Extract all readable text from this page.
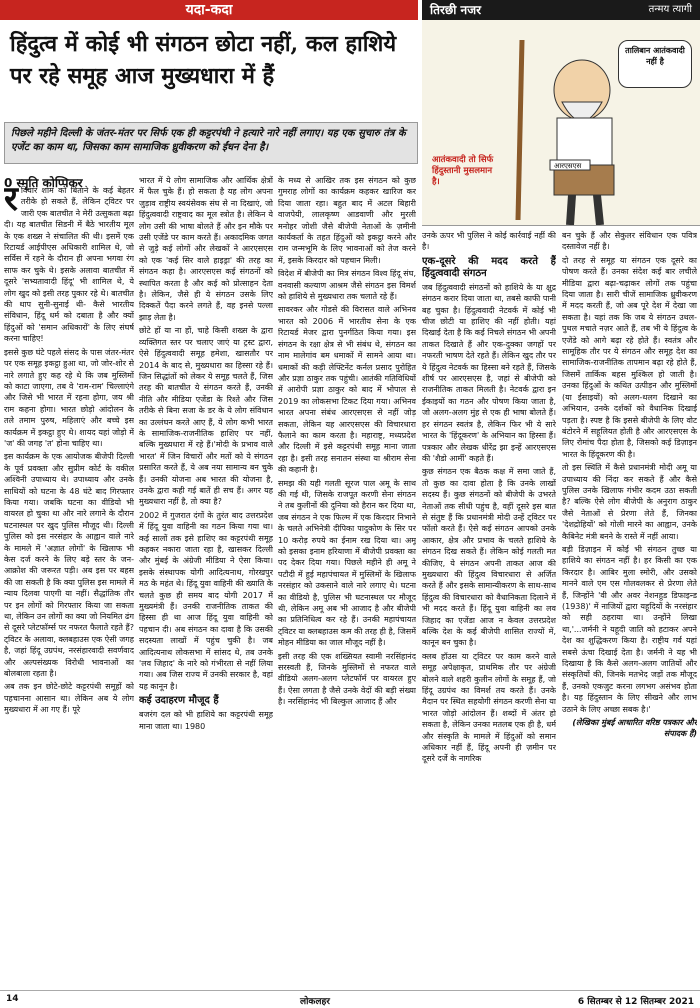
यदा-कदा	तिरछी नजर	तन्मय त्यागी
आरएसएस
तालिबान आतंकवादी नहीं है
आतंकवादी तो सिर्फ हिंदुस्तानी मुसलमान है।
हिंदुत्व में कोई भी संगठन छोटा नहीं, कल हाशिये पर रहे समूह आज मुख्यधारा में हैं
पिछले महीने दिल्ली के जंतर-मंतर पर सिर्फ एक ही कट्टरपंथी ने हत्यारे नारे नहीं लगाए। यह एक सुचारु तंत्र के एजेंट का काम था, जिसका काम सामाजिक ध्रुवीकरण को ईंधन देना है।
0 स्मृति कोप्पिकर

रविवार शाम को बिताने के कई बेहतर तरीके हो सकते हैं, लेकिन ट्विटर पर जारी एक बातचीत ने मेरी उत्सुकता बढ़ा दी। यह बातचीत सिडनी में बैठे भारतीय मूल के एक शख्स ने संचालित की थी। इसमें एक रिटायर्ड आईपीएस अधिकारी शामिल थे, जो सर्विस में रहने के दौरान ही अपना भगवा रंग साफ कर चुके थे। इसके अलावा बातचीत में दूसरे 'सभ्यतावादी हिंदू' भी शामिल थे, ये लोग खुद को इसी तरह पुकार रहे थे। बातचीत की थाप सुनी-सुनाई थी- कैसे भारतीय संविधान, हिंदू धर्म को दबाता है और क्यों हिंदुओं को 'समान अधिकारों' के लिए संघर्ष करना चाहिए!

इससे कुछ घंटे पहले संसद के पास जंतर-मंतर पर एक समूह इकट्ठा हुआ था, जो जोर-शोर से नारे लगाते हुए कह रहे थे कि जब मुस्लिमों को काटा जाएगा, तब वे 'राम-राम' चिल्लाएंगे और जिसे भी भारत में रहना होगा, जय श्री राम कहना होगा। भारत छोड़ो आंदोलन के तले तमाम पुरुष, महिलाएं और बच्चे इस कार्यक्रम में इकट्ठा हुए थे। शायद यहां जोड़ो में 'ज' की जगह 'त' होना चाहिए था।

इस कार्यक्रम के एक आयोजक बीजेपी दिल्ली के पूर्व प्रवक्ता और सुप्रीम कोर्ट के वकील अश्विनी उपाध्याय थे। उपाध्याय और उनके साथियों को घटना के 48 घंटे बाद गिरफ्तार किया गया। जबकि घटना का वीडियो भी वायरल हो चुका था और नारे लगाने के दौरान घटनास्थल पर खुद पुलिस मौजूद थी। दिल्ली पुलिस को इस नरसंहार के आह्वान वाले नारे के मामले में 'अज्ञात लोगों' के खिलाफ भी केस दर्ज करने के लिए बड़े स्तर के जन-आक्रोश की जरूरत पड़ी। अब इस पर बहस की जा सकती है कि क्या पुलिस इस मामले में न्याय दिलवा पाएगी या नहीं। सैद्धांतिक तौर पर इन लोगों को गिरफ्तार किया जा सकता था, लेकिन उन लोगों का क्या जो नियमित ढंग से दूसरे प्लेटफॉर्म्स पर नफरत फैलाते रहते हैं? ट्विटर के अलावा, क्लबहाउस एक ऐसी जगह है, जहां हिंदू उग्रपंथ, नरसंहारवादी सवर्णवाद और अल्पसंख्यक विरोधी भावनाओं का बोलबाला रहता है।

अब तक इन छोटे-छोटे कट्टरपंथी समूहों को पहचानना आसान था। लेकिन अब ये लोग मुख्यधारा में आ गए हैं। पूरे

भारत में ये लोग सामाजिक और आर्थिक क्षेत्रों में फैल चुके हैं। हो सकता है यह लोग अपना जुड़ाव राष्ट्रीय स्वयंसेवक संघ से ना दिखाएं, जो हिंदुत्ववादी राष्ट्रवाद का मूल स्त्रोत है। लेकिन ये लोग उसी की भाषा बोलते हैं और इन मौके पर उसी एजेंडे पर काम करते हैं। अकादमिक जगत से जुड़े कई लोगों और लेखकों ने आरएसएस को एक 'कई सिर वाले हाइड्रा' की तरह का संगठन कहा है। आरएसएस कई संगठनों को स्थापित करता है और कई को प्रोत्साहन देता है। लेकिन, जैसे ही ये संगठन उसके लिए दिक्कतें पैदा करने लगते हैं, वह इनसे पल्ला झाड़ लेता है।

छोटे हों या ना हों, चाहे किसी शख्स के द्वारा व्यक्तिगत स्तर पर चलाए जाएं या ट्रस्ट द्वारा, ऐसे हिंदुत्ववादी समूह हमेशा, खासतौर पर 2014 के बाद से, मुख्यधारा का हिस्सा रहे हैं। जिन सिद्धांतों को लेकर ये समूह चलते हैं, जिस तरह की बातचीत ये संगठन करते हैं, उनकी नीति और मीडिया एजेंडा के रिश्ते और जिस तरीके से बिना सजा के डर के ये लोग संविधान का उल्लंघन करते आए हैं, ये लोग कभी भारत के सामाजिक-राजनीतिक हाशिए पर नहीं, बल्कि मुख्यधारा में रहे हैं।'मोदी के प्रभाव वाले भारत' में जिन विचारों और मतों को ये संगठन प्रसारित करते हैं, ये अब नया सामान्य बन चुके हैं। उनकी योजना अब भारत की योजना है, उनके द्वारा कही गई बातें ही सच हैं। अगर यह मुख्यधारा नहीं है, तो क्या है?

2002 में गुजरात दंगों के तुरंत बाद उत्तरप्रदेश में हिंदू युवा वाहिनी का गठन किया गया था। कई सालों तक इसे हाशिए का कट्टरपंथी समूह कहकर नकारा जाता रहा है, खासकर दिल्ली और मुंबई के अंग्रेजी मीडिया ने ऐसा किया। इसके संस्थापक योगी आदित्यनाथ, गोरखपुर मठ के महंत थे। हिंदू युवा वाहिनी की ख्याति के चलते कुछ ही समय बाद योगी 2017 में मुख्यमंत्री हैं। उनकी राजनीतिक ताकत की हिस्सा ही था आज हिंदू युवा वाहिनी को पहचान दी। अब संगठन का दावा है कि उसकी सदस्यता लाखों में पहुंच चुकी है। जब आदित्यनाथ लोकसभा में सांसद थे, तब उनके 'लव जिहाद' के नारे को गंभीरता से नहीं लिया गया। अब जिस राज्य में उनकी सरकार है, वहां यह कानून है।

कई उदाहरण मौजूद हैं

बजरंग दल को भी हाशिये का कट्टरपंथी समूह माना जाता था। 1980

के मध्य से आखिर तक इस संगठन को कुछ गुमराह लोगों का कार्यक्रम कहकर खारिज कर दिया जाता रहा। बहुत बाद में अटल बिहारी वाजपेयी, लालकृष्ण आडवाणी और मुरली मनोहर जोशी जैसे बीजेपी नेताओं के ज़मीनी कार्यकर्ता के तहत हिंदुओं को इकट्ठा करने और राम जन्मभूमि के लिए भावनाओं को तेज करने में, इसके किरदार को पहचान मिली।

विदेश में बीजेपी का मित्र संगठन विश्व हिंदू संघ, वनवासी कल्याण आश्रम जैसे संगठन इस विमर्श को हाशिये से मुख्यधारा तक चलाते रहे हैं।

सावरकर और गोडसे की विरासत वाले अभिनव भारत को 2006 में भारतीय सेना के एक रिटायर्ड मेजर द्वारा पुनर्गठित किया गया। इस संगठन के रक्षा क्षेत्र से भी संबंध थे, संगठन का नाम मालेगांव बम धमाकों में सामने आया था। धमाकों की कड़ी लेफ्टिनेंट कर्नल प्रसाद पुरोहित और प्रज्ञा ठाकुर तक पहुंची। आतंकी गतिविधियों में आरोपी प्रज्ञा ठाकुर को बाद में भोपाल से 2019 का लोकसभा टिकट दिया गया। अभिनव भारत अपना संबंध आरएसएस से नहीं जोड़ सकता, लेकिन यह आरएसएस की विचारधारा फैलाने का काम करता है। महाराष्ट्र, मध्यप्रदेश और दिल्ली में इसे कट्टरपंथी समूह माना जाता रहा है। इसी तरह सनातन संस्था या श्रीराम सेना की कहानी है।

समझ की यही गलती सूरज पाल अमू के साथ की गई थी, जिसके राजपूत करणी सेना संगठन ने तब कुलीनों की दुनिया को हैरान कर दिया था, जब संगठन ने एक फिल्म में एक किरदार निभाने के चलते अभिनेत्री दीपिका पादुकोण के सिर पर 10 करोड़ रुपये का ईनाम रख दिया था। अमू को इसका इनाम हरियाणा में बीजेपी प्रवक्ता का पद देकर दिया गया। पिछले महीने ही अमू ने पटौदी में हुई महापंचायत में मुस्लिमों के खिलाफ नरसंहार को उकसाने वाले नारे लगाए थे। घटना का वीडियो है, पुलिस भी घटनास्थल पर मौजूद थी, लेकिन अमू अब भी आजाद है और बीजेपी का प्रतिनिधित्व कर रहे हैं। उनकी महापंचायत ट्विटर या क्लबहाउस कम की तरह ही है, जिसमें मोहन मीडिया का जाल मौजूद नहीं है।

इसी तरह की एक शख्सियत स्वामी नरसिंहानंद सरस्वती हैं, जिनके मुस्लिमों से नफरत वाले वीडियो अलग-अलग प्लेटफॉर्म पर वायरल हुए हैं। ऐसा लगता है जैसे उनके वेदों की बड़ी संख्या है। नरसिंहानंद भी बिल्कुल आजाद हैं और

उनके ऊपर भी पुलिस ने कोई कार्रवाई नहीं की है।

एक-दूसरे की मदद करते हैं हिंदुत्ववादी संगठन

जब हिंदुत्ववादी संगठनों को हाशिये के या क्षुद्र संगठन करार दिया जाता था, तबसे काफी पानी बह चुका है। हिंदुत्ववादी नेटवर्क में कोई भी चीज छोटी या हाशिए की नहीं होती। यहां दिखाई देता है कि कई निचले संगठन भी अपनी ताकत दिखाते हैं और एक-दुक्का जगहों पर नफरती भाषण देते रहते हैं। लेकिन खुद तौर पर ये हिंदुत्व नेटवर्क का हिस्सा बने रहते हैं, जिसके शीर्ष पर आरएसएस है, जहां से बीजेपी को राजनीतिक ताकत मिलती है। नेटवर्क द्वारा इन ईकाइयों का गठन और पोषण किया जाता है, जो अलग-अलग मुंह से एक ही भाषा बोलते हैं। हर संगठन स्वतंत्र है, लेकिन फिर भी ये सारे भारत के 'हिंदूकरण' के अभियान का हिस्सा हैं। पत्रकार और लेखक धीरेंद्र झा इन्हें आरएसएस की 'शैडो आर्मी' कहते हैं।

कुछ संगठन एक बैठक कक्ष में समा जाते हैं, तो कुछ का दावा होता है कि उनके लाखों सदस्य हैं। कुछ संगठनों को बीजेपी के उभरते नेताओं तक सीधी पहुंच है, वहीं दूसरे इस बात से संतुष्ट हैं कि प्रधानमंत्री मोदी उन्हें ट्विटर पर फॉलो करते हैं। ऐसे कई संगठन आपको उनके आकार, क्षेत्र और प्रभाव के चलते हाशिये के संगठन दिख सकते हैं। लेकिन कोई गलती मत कीजिए, ये संगठन अपनी ताकत आज की मुख्यधारा की हिंदुत्व विचारधारा से अर्जित करते हैं और इसके सामान्यीकरण के साथ-साथ हिंदुत्व की विचारधारा को वैधानिकता दिलाने में भी मदद करते हैं। हिंदू युवा वाहिनी का लव जिहाद का एजेंडा आज न केवल उत्तरप्रदेश बल्कि देश के कई बीजेपी शासित राज्यों में, कानून बन चुका है।

क्लब हॉउस या ट्विटर पर काम करने वाले समूह अपेक्षाकृत, प्राथमिक तौर पर अंग्रेजी बोलने वाले शहरी कुलीन लोगों के समूह हैं, जो हिंदू उग्रपंथ का विमर्श तय करते हैं। उनके मैदान पर स्थित सहयोगी संगठन करणी सेना या भारत जोड़ो आंदोलन हैं। शब्दों में अंतर हो सकता है, लेकिन उनका मतलब एक ही है, धर्म और संस्कृति के मामले में हिंदुओं को समान अधिकार नहीं हैं, हिंदू अपनी ही ज़मीन पर दूसरे दर्जे के नागरिक

बन चुके हैं और सेकुलर संविधान एक पवित्र दस्तावेज नहीं है।

दो तरह से समूह या संगठन एक दूसरे का पोषण करते हैं। उनका संदेश कई बार लचीले मीडिया द्वारा बढ़ा-चढ़ाकर लोगों तक पहुंचा दिया जाता है। सारी चीजें सामाजिक ध्रुवीकरण में मदद करती हैं, जो अब पूरे देश में देखा जा सकता है। यहां तक कि जब ये संगठन उथल-पुथल मचाते नज़र आते हैं, तब भी ये हिंदुत्व के एजेंडे को आगे बढ़ा रहे होते हैं। स्वतंत्र और सामूहिक तौर पर ये संगठन और समूह देश का सामाजिक-राजनीतिक तापमान बढ़ा रहे होते हैं, जिसमें तार्किक बहस मुश्किल हो जाती है। उनका हिंदुओं के कथित उत्पीड़न और मुस्लिमों (या ईसाइयों) को अलग-थलग दिखाने का अभियान, उनके दर्शकों को वैधानिक दिखाई पड़ता है। स्पष्ट है कि इससे बीजेपी के लिए वोट बंटोरने में सहूलियत होती है और आरएसएस के लिए रोमांच पैदा होता है, जिसको कई डिज़ाइन भारत के हिंदूकरण की है।

तो इस स्थिति में कैसे प्रधानमंत्री मोदी अमू या उपाध्याय की निंदा कर सकते हैं और कैसे पुलिस उनके खिलाफ गंभीर कदम उठा सकती है? बल्कि ऐसे लोग बीजेपी के अनुराग ठाकुर जैसे नेताओं से प्रेरणा लेते हैं, जिनका 'देशद्रोहियों' को गोली मारने का आह्वान, उनके कैबिनेट मंत्री बनने के रास्ते में नहीं आया।

बड़ी डिज़ाइन में कोई भी संगठन तुच्छ या हाशिये का संगठन नहीं है। हर किसी का एक किरदार है। आबिर मुला स्मोरी, और उसको मानने वाले एम एस गोलवलकर से प्रेरणा लेते हैं, जिन्होंने 'वी और अवर नेशनहुड डिफाइन्ड (1938)' में नाजियों द्वारा यहूदियों के नरसंहार को सही ठहराया था। उन्होंने लिखा था,'...जर्मनी ने यहूदी जाति को हटाकर अपने देश का शुद्धिकरण किया है। राष्ट्रीय गर्व यहां सबसे ऊंचा दिखाई देता है। जर्मनी ने यह भी दिखाया है कि कैसे अलग-अलग जातियों और संस्कृतियों की, जिनके मतभेद जड़ों तक मौजूद हैं, उनको एकजुट करना लगभग असंभव होता है। यह हिंदुस्तान के लिए सीखने और लाभ उठाने के लिए अच्छा सबक है।'

(लेखिका मुंबई आधारित वरिष्ठ पत्रकार और संपादक हैं)

14	लोकलहर	6 सितम्बर से 12 सितम्बर 2021
